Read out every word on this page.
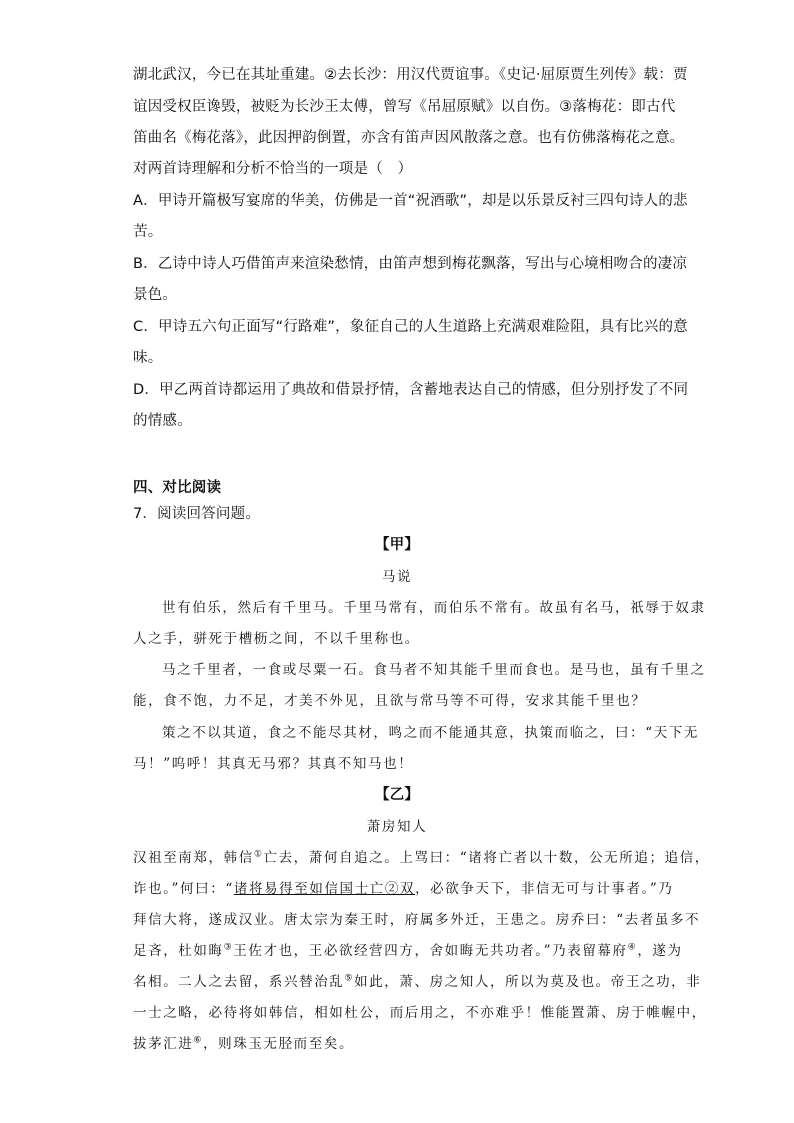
湖北武汉，今已在其址重建。②去长沙：用汉代贾谊事。《史记·屈原贾生列传》载：贾
谊因受权臣谗毁，被贬为长沙王太傅，曾写《吊屈原赋》以自伤。③落梅花：即古代
笛曲名《梅花落》，此因押韵倒置，亦含有笛声因风散落之意。也有仿佛落梅花之意。
对两首诗理解和分析不恰当的一项是（　）
A．甲诗开篇极写宴席的华美，仿佛是一首“祝酒歌”，却是以乐景反衬三四句诗人的悲
苦。
B．乙诗中诗人巧借笛声来渲染愁情，由笛声想到梅花飘落，写出与心境相吻合的凄凉
景色。
C．甲诗五六句正面写“行路难”，象征自己的人生道路上充满艰难险阻，具有比兴的意
味。
D．甲乙两首诗都运用了典故和借景抒情，含蓄地表达自己的情感，但分别抒发了不同
的情感。
四、对比阅读
7．阅读回答问题。
【甲】
马说
世有伯乐，然后有千里马。千里马常有，而伯乐不常有。故虽有名马，祇辱于奴隶
人之手，骈死于槽枥之间，不以千里称也。
马之千里者，一食或尽粟一石。食马者不知其能千里而食也。是马也，虽有千里之
能，食不饱，力不足，才美不外见，且欲与常马等不可得，安求其能千里也？
策之不以其道，食之不能尽其材，鸣之而不能通其意，执策而临之，曰：“天下无
马！”呜呼！其真无马邪？其真不知马也！
【乙】
萧房知人
汉祖至南郑，韩信①亡去，萧何自追之。上骂曰：“诸将亡者以十数，公无所追；追信，
诈也。”何曰：“诸将易得至如信国士亡②双，必欲争天下，非信无可与计事者。”乃
拜信大将，遂成汉业。唐太宗为秦王时，府属多外迁，王患之。房乔曰：“去者虽多不
足吝，杜如晦③王佐才也，王必欲经营四方，舍如晦无共功者。”乃表留幕府④，遂为
名相。二人之去留，系兴替治乱⑤如此，萧、房之知人，所以为莫及也。帝王之功，非
一士之略，必待将如韩信，相如杜公，而后用之，不亦难乎！惟能置萧、房于帷幄中，
拔茅汇进⑥，则珠玉无胫而至矣。
